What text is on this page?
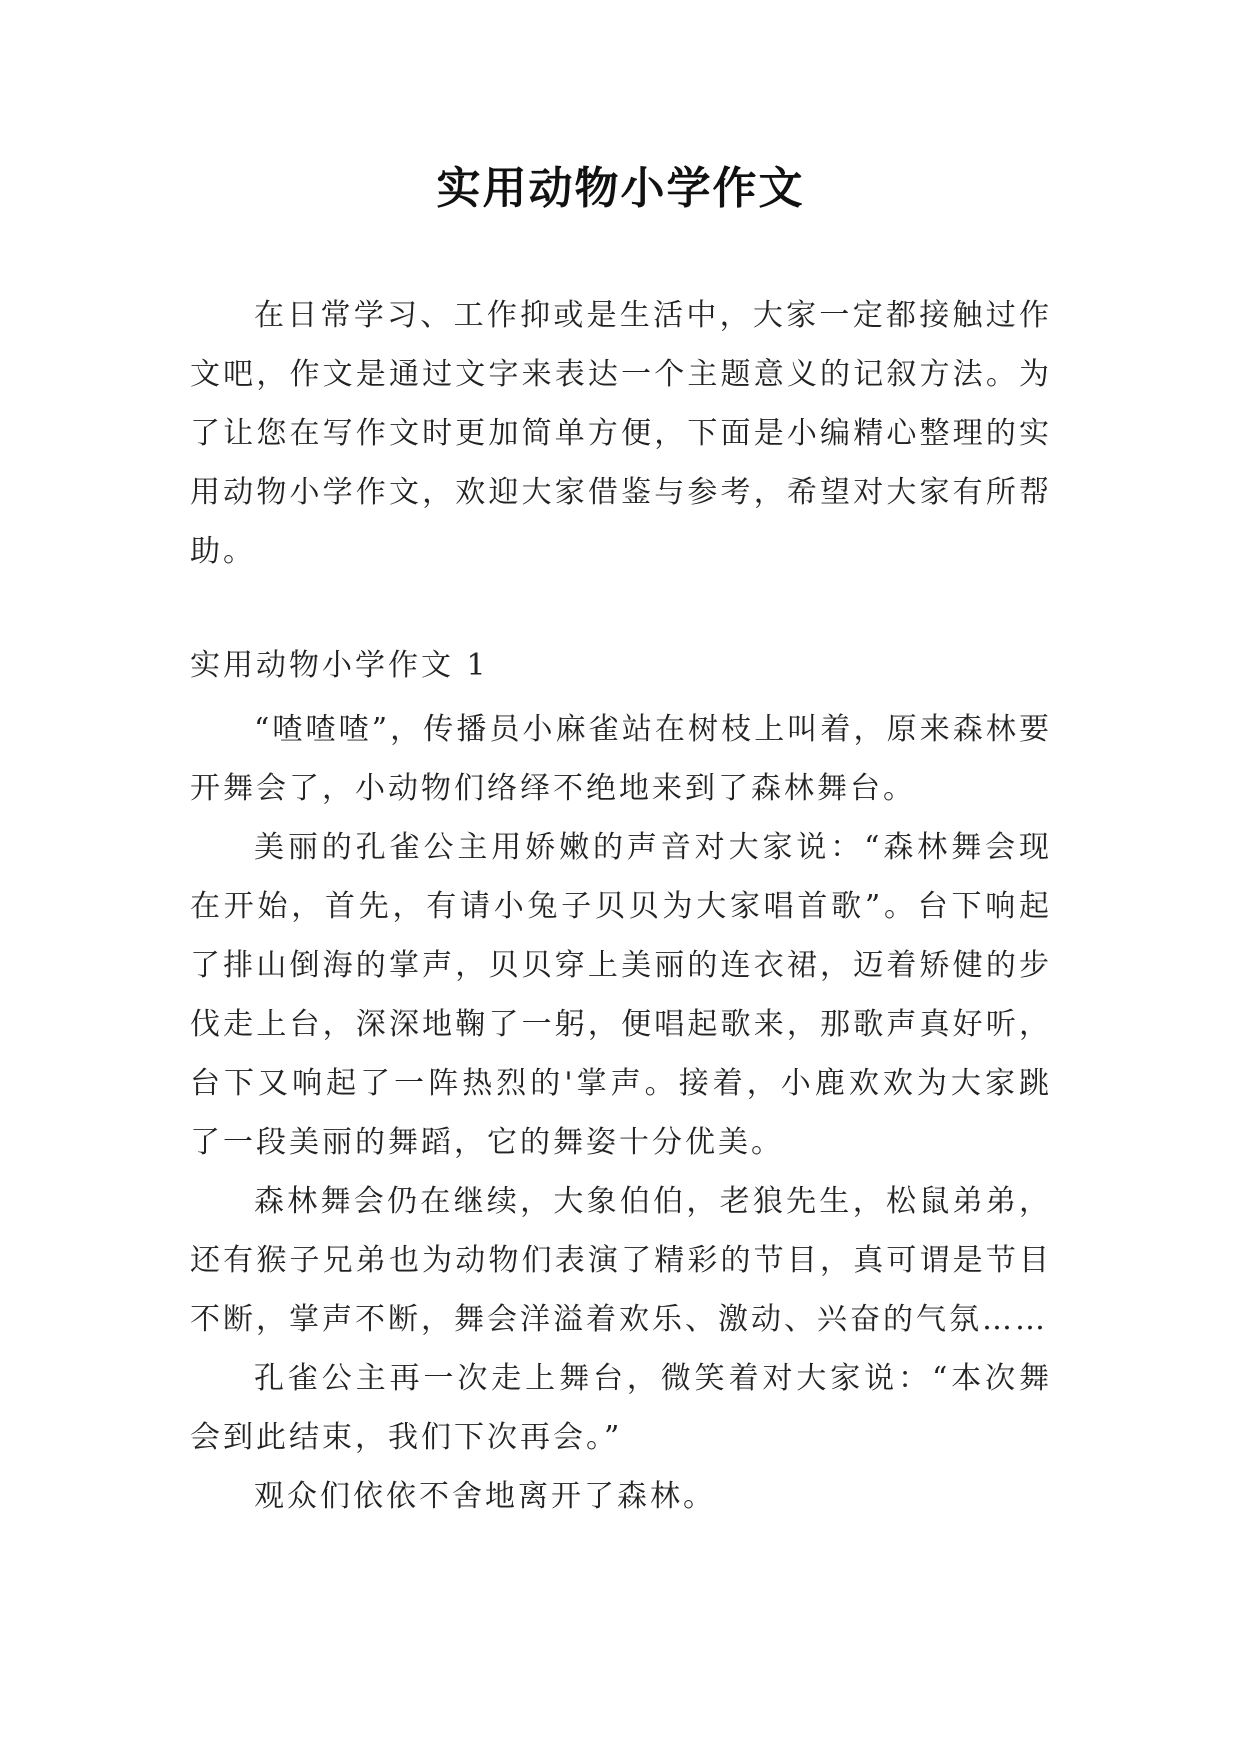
实用动物小学作文

在日常学习、工作抑或是生活中，大家一定都接触过作文吧，作文是通过文字来表达一个主题意义的记叙方法。为了让您在写作文时更加简单方便，下面是小编精心整理的实用动物小学作文，欢迎大家借鉴与参考，希望对大家有所帮助。

实用动物小学作文 1

“喳喳喳”，传播员小麻雀站在树枝上叫着，原来森林要开舞会了，小动物们络绎不绝地来到了森林舞台。

美丽的孔雀公主用娇嫩的声音对大家说：“森林舞会现在开始，首先，有请小兔子贝贝为大家唱首歌”。台下响起了排山倒海的掌声，贝贝穿上美丽的连衣裙，迈着矫健的步伐走上台，深深地鞠了一躬，便唱起歌来，那歌声真好听，台下又响起了一阵热烈的'掌声。接着，小鹿欢欢为大家跳了一段美丽的舞蹈，它的舞姿十分优美。

森林舞会仍在继续，大象伯伯，老狼先生，松鼠弟弟，还有猴子兄弟也为动物们表演了精彩的节目，真可谓是节目不断，掌声不断，舞会洋溢着欢乐、激动、兴奋的气氛……

孔雀公主再一次走上舞台，微笑着对大家说：“本次舞会到此结束，我们下次再会。”

观众们依依不舍地离开了森林。
